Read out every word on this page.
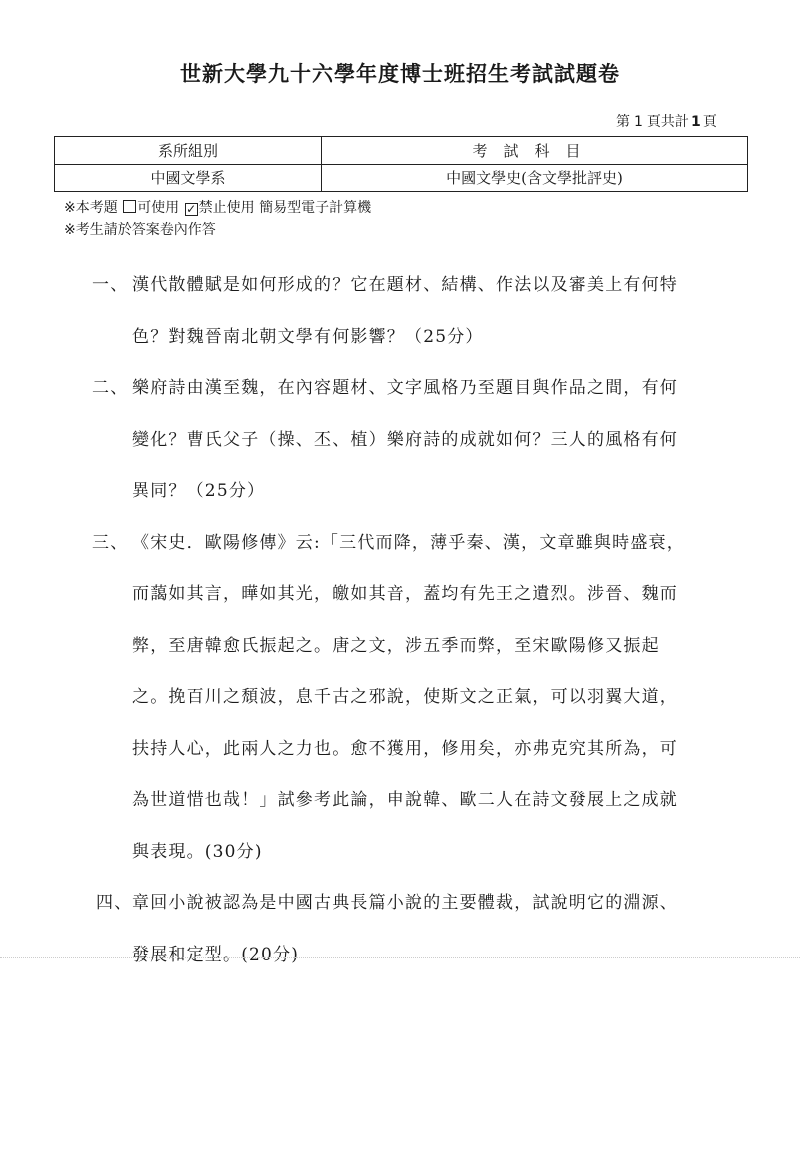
世新大學九十六學年度博士班招生考試試題卷
第 1 頁共計 1 頁
系所組別	考試科目
中國文學系	中國文學史(含文學批評史)
※本考題 可使用 ✓ 禁止使用 簡易型電子計算機
※考生請於答案卷內作答
一、 漢代散體賦是如何形成的？它在題材、結構、作法以及審美上有何特色？對魏晉南北朝文學有何影響？（25分）
二、 樂府詩由漢至魏，在內容題材、文字風格乃至題目與作品之間，有何變化？曹氏父子（操、丕、植）樂府詩的成就如何？三人的風格有何異同？（25分）
三、 《宋史．歐陽修傳》云:「三代而降，薄乎秦、漢，文章雖與時盛衰，而藹如其言，曄如其光，皦如其音，蓋均有先王之遺烈。涉晉、魏而弊，至唐韓愈氏振起之。唐之文，涉五季而弊，至宋歐陽修又振起之。挽百川之頹波，息千古之邪說，使斯文之正氣，可以羽翼大道，扶持人心，此兩人之力也。愈不獲用，修用矣，亦弗克究其所為，可為世道惜也哉！」試參考此論，申說韓、歐二人在詩文發展上之成就與表現。(30分)
四、 章回小說被認為是中國古典長篇小說的主要體裁，試說明它的淵源、發展和定型。(20分)
